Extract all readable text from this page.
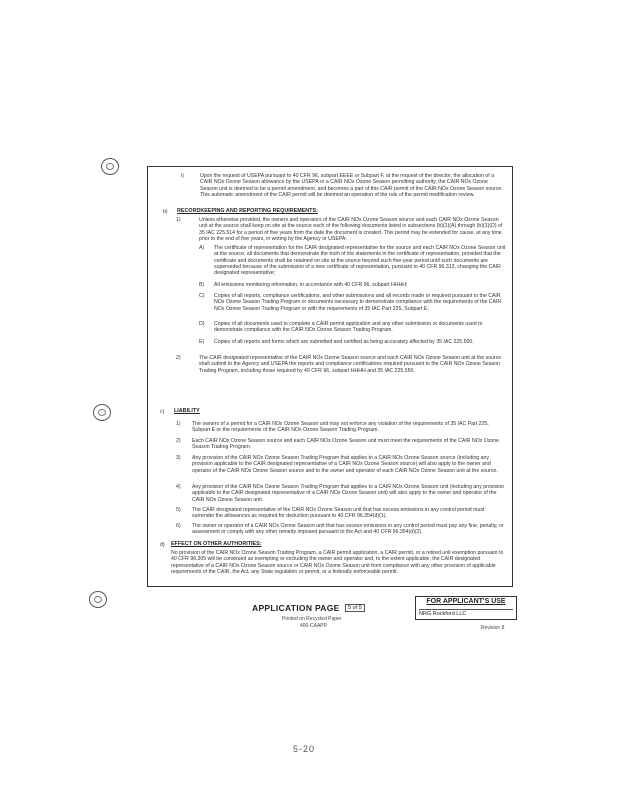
i)	Upon the request of USEPA pursuant to 40 CFR 96, subpart EEEE or Subpart F, at the request of the director, the allocation of a CAIR NOx Ozone Season allowance by the USEPA or a CAIR NOx Ozone Season permitting authority, the CAIR NOx Ozone Season unit is deemed to be a permit amendment, and becomes a part of this CAIR permit of the CAIR NOx Ozone Season source. This automatic amendment of the CAIR permit will be deemed an operation of the rule of the permit modification review.
b) RECORDKEEPING AND REPORTING REQUIREMENTS:
1)	Unless otherwise provided, the owners and operators of the CAIR NOx Ozone Season source and each CAIR NOx Ozone Season unit at the source shall keep on site at the source each of the following documents listed in subsections (b)(1)(A) through (b)(1)(D) of 35 IAC 225.514 for a period of five years from the date the document is created. This period may be extended for cause, at any time prior to the end of five years, in writing by the Agency or USEPA:
A) The certificate of representation for the CAIR designated representative for the source and each CAIR NOx Ozone Season unit at the source, all documents that demonstrate the truth of the statements in the certificate of representation, provided that the certificate and documents shall be retained on site at the source beyond such five-year period until such documents are superseded because of the submission of a new certificate of representation, pursuant to 40 CFR 96.313, changing the CAIR designated representative;
B) All emissions monitoring information, in accordance with 40 CFR 96, subpart HHHH;
C) Copies of all reports, compliance certifications, and other submissions and all records made or required pursuant to the CAIR NOx Ozone Season Trading Program or documents necessary to demonstrate compliance with the requirements of the CAIR NOx Ozone Season Trading Program or with the requirements of 35 IAC Part 225, Subpart E;
D) Copies of all documents used to complete a CAIR permit application and any other submission or documents used to demonstrate compliance with the CAIR NOx Ozone Season Trading Program.
E) Copies of all reports and forms which are submitted and certified as being accurately affected by 35 IAC 225.500.
2)	The CAIR designated representative of the CAIR NOx Ozone Season source and each CAIR NOx Ozone Season unit at the source shall submit to the Agency and USEPA the reports and compliance certifications required pursuant to the CAIR NOx Ozone Season Trading Program, including those required by 40 CFR 96, subpart HHHH and 35 IAC 225.550.
c) LIABILITY
1) The owners of a permit for a CAIR NOx Ozone Season unit may not enforce any violation of the requirements of 35 IAC Part 225, Subpart E or the requirements of the CAIR NOx Ozone Season Trading Program.
2) Each CAIR NOx Ozone Season source and each CAIR NOx Ozone Season unit must meet the requirements of the CAIR NOx Ozone Season Trading Program.
3) Any provision of the CAIR NOx Ozone Season Trading Program that applies to a CAIR NOx Ozone Season source (including any provision applicable to the CAIR designated representative of a CAIR NOx Ozone Season source) will also apply to the owner and operator of the CAIR NOx Ozone Season source and to the owner and operator of each CAIR NOx Ozone Season unit at the source.
4) Any provision of the CAIR NOx Ozone Season Trading Program that applies to a CAIR NOx Ozone Season unit (including any provision applicable to the CAIR designated representative of a CAIR NOx Ozone Season unit) will also apply to the owner and operator of the CAIR NOx Ozone Season unit.
5) The CAIR designated representative of the CAIR NOx Ozone Season unit that has excess emissions in any control period must surrender the allowances as required for deduction pursuant to 40 CFR 96.354(d)(1).
6) The owner or operator of a CAIR NOx Ozone Season unit that has excess emissions in any control period must pay any fine, penalty, or assessment or comply with any other remedy imposed pursuant to the Act and 40 CFR 96.354(d)(2).
d) EFFECT ON OTHER AUTHORITIES:
No provision of the CAIR NOx Ozone Season Trading Program, a CAIR permit application, a CAIR permit, or a retired unit exemption pursuant to 40 CFR 96.305 will be construed as exempting or excluding the owner and operator and, to the extent applicable, the CAIR designated representative of a CAIR NOx Ozone Season source or CAIR NOx Ozone Season unit from compliance with any other provision of applicable requirements of the CAIR, the Act, any State regulation or permit, or a federally enforceable permit.
APPLICATION PAGE	5 of 5
Printed on Recycled Paper
400-CAAPP	Revision 8
FOR APPLICANT'S USE
NRG Rockford LLC
5-20
